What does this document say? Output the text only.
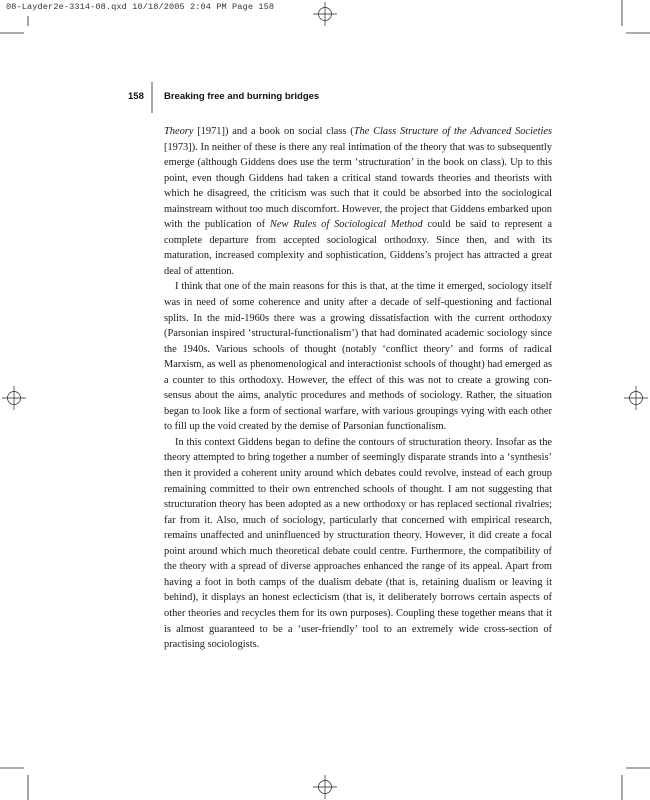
08-Layder2e-3314-08.qxd 10/18/2005 2:04 PM Page 158
158 Breaking free and burning bridges

Theory [1971]) and a book on social class (The Class Structure of the Advanced Societies [1973]). In neither of these is there any real intimation of the theory that was to subsequently emerge (although Giddens does use the term ‘structuration’ in the book on class). Up to this point, even though Giddens had taken a critical stand towards theories and theorists with which he disagreed, the criticism was such that it could be absorbed into the sociological mainstream without too much discomfort. However, the project that Giddens embarked upon with the publication of New Rules of Sociological Method could be said to represent a complete departure from accepted sociological orthodoxy. Since then, and with its maturation, increased complexity and sophistication, Giddens’s project has attracted a great deal of attention.

I think that one of the main reasons for this is that, at the time it emerged, sociology itself was in need of some coherence and unity after a decade of self-questioning and factional splits. In the mid-1960s there was a growing dissatisfaction with the current orthodoxy (Parsonian inspired ‘structural-functionalism’) that had dominated academic sociology since the 1940s. Various schools of thought (notably ‘conflict theory’ and forms of radical Marxism, as well as phenomenological and interactionist schools of thought) had emerged as a counter to this orthodoxy. However, the effect of this was not to create a growing consensus about the aims, analytic procedures and methods of sociology. Rather, the situation began to look like a form of sectional warfare, with various groupings vying with each other to fill up the void created by the demise of Parsonian functionalism.

In this context Giddens began to define the contours of structuration theory. Insofar as the theory attempted to bring together a number of seemingly disparate strands into a ‘synthesis’ then it provided a coherent unity around which debates could revolve, instead of each group remaining committed to their own entrenched schools of thought. I am not suggesting that structuration theory has been adopted as a new orthodoxy or has replaced sectional rivalries; far from it. Also, much of sociology, particularly that concerned with empirical research, remains unaffected and uninfluenced by structuration theory. However, it did create a focal point around which much theoretical debate could centre. Furthermore, the compatibility of the theory with a spread of diverse approaches enhanced the range of its appeal. Apart from having a foot in both camps of the dualism debate (that is, retaining dualism or leaving it behind), it displays an honest eclecticism (that is, it deliberately borrows certain aspects of other theories and recycles them for its own purposes). Coupling these together means that it is almost guaranteed to be a ‘user-friendly’ tool to an extremely wide cross-section of practising sociologists.
